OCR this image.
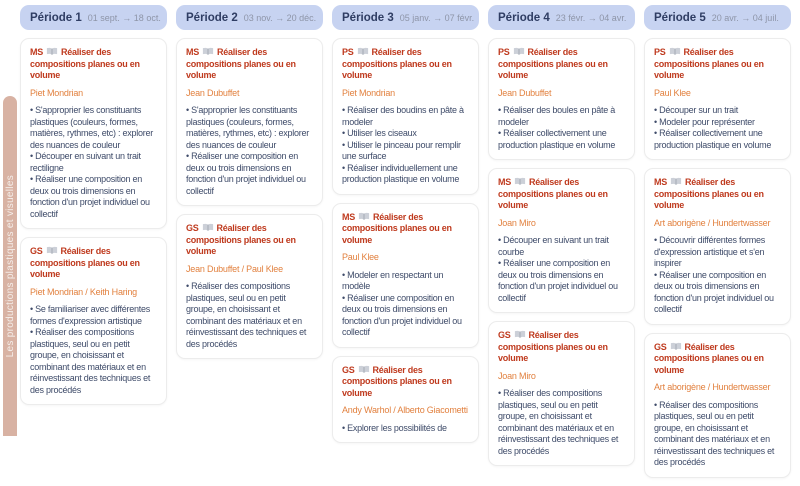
Les productions plastiques et visuelles
Période 1 01 sept. → 18 oct.
MS Réaliser des compositions planes ou en volume
Piet Mondrian
• S'approprier les constituants plastiques (couleurs, formes, matières, rythmes, etc) : explorer des nuances de couleur
• Découper en suivant un trait rectiligne
• Réaliser une composition en deux ou trois dimensions en fonction d'un projet individuel ou collectif
GS Réaliser des compositions planes ou en volume
Piet Mondrian / Keith Haring
• Se familiariser avec différentes formes d'expression artistique
• Réaliser des compositions plastiques, seul ou en petit groupe, en choisissant et combinant des matériaux et en réinvestissant des techniques et des procédés
Période 2 03 nov. → 20 déc.
MS Réaliser des compositions planes ou en volume
Jean Dubuffet
• S'approprier les constituants plastiques (couleurs, formes, matières, rythmes, etc) : explorer des nuances de couleur
• Réaliser une composition en deux ou trois dimensions en fonction d'un projet individuel ou collectif
GS Réaliser des compositions planes ou en volume
Jean Dubuffet / Paul Klee
• Réaliser des compositions plastiques, seul ou en petit groupe, en choisissant et combinant des matériaux et en réinvestissant des techniques et des procédés
Période 3 05 janv. → 07 févr.
PS Réaliser des compositions planes ou en volume
Piet Mondrian
• Réaliser des boudins en pâte à modeler
• Utiliser les ciseaux
• Utiliser le pinceau pour remplir une surface
• Réaliser individuellement une production plastique en volume
MS Réaliser des compositions planes ou en volume
Paul Klee
• Modeler en respectant un modèle
• Réaliser une composition en deux ou trois dimensions en fonction d'un projet individuel ou collectif
GS Réaliser des compositions planes ou en volume
Andy Warhol / Alberto Giacometti
• Explorer les possibilités de
Période 4 23 févr. → 04 avr.
PS Réaliser des compositions planes ou en volume
Jean Dubuffet
• Réaliser des boules en pâte à modeler
• Réaliser collectivement une production plastique en volume
MS Réaliser des compositions planes ou en volume
Joan Miro
• Découper en suivant un trait courbe
• Réaliser une composition en deux ou trois dimensions en fonction d'un projet individuel ou collectif
GS Réaliser des compositions planes ou en volume
Joan Miro
• Réaliser des compositions plastiques, seul ou en petit groupe, en choisissant et combinant des matériaux et en réinvestissant des techniques et des procédés
Période 5 20 avr. → 04 juil.
PS Réaliser des compositions planes ou en volume
Paul Klee
• Découper sur un trait
• Modeler pour représenter
• Réaliser collectivement une production plastique en volume
MS Réaliser des compositions planes ou en volume
Art aborigène / Hundertwasser
• Découvrir différentes formes d'expression artistique et s'en inspirer
• Réaliser une composition en deux ou trois dimensions en fonction d'un projet individuel ou collectif
GS Réaliser des compositions planes ou en volume
Art aborigène / Hundertwasser
• Réaliser des compositions plastiques, seul ou en petit groupe, en choisissant et combinant des matériaux et en réinvestissant des techniques et des procédés
